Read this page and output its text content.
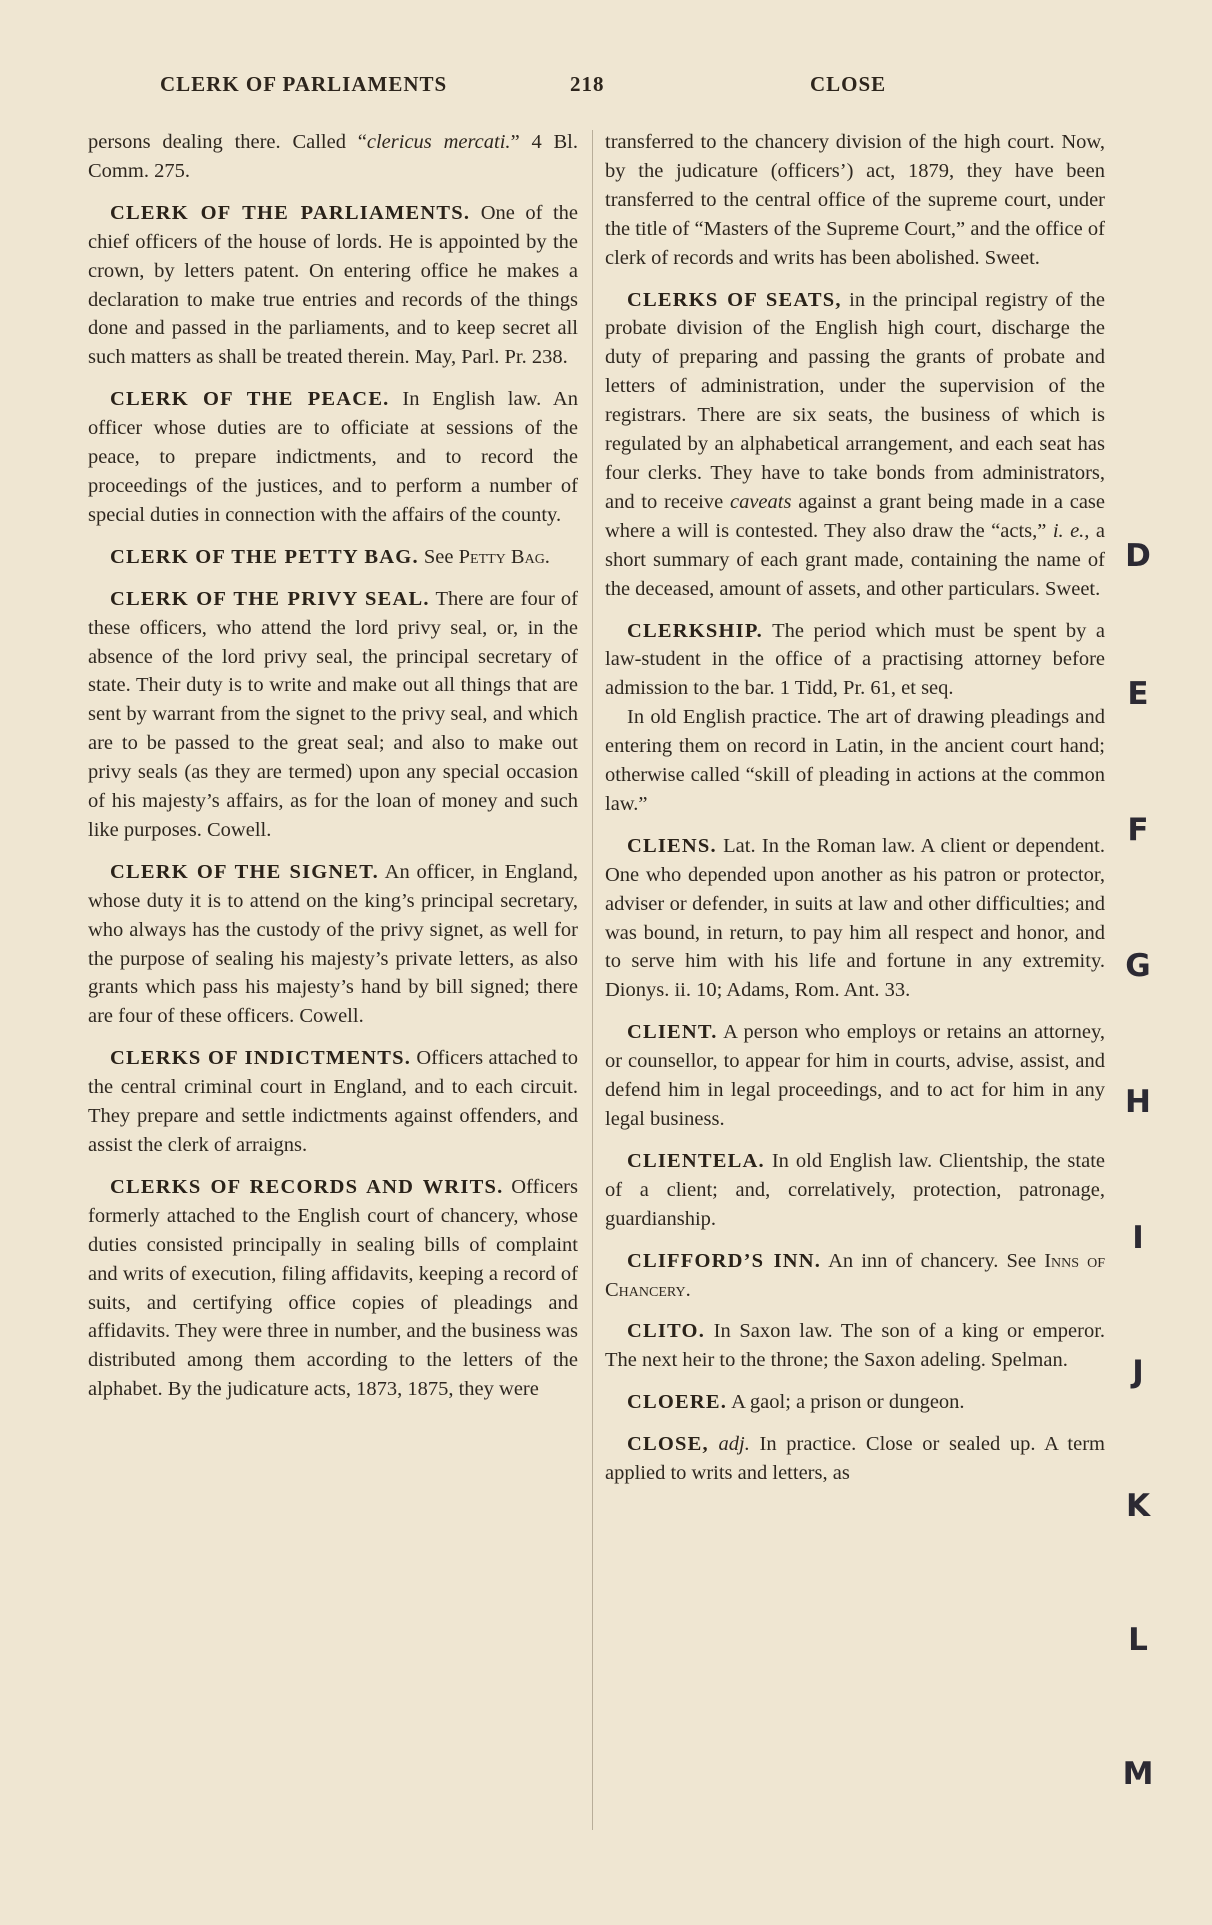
CLERK OF PARLIAMENTS	218	CLOSE

persons dealing there. Called “clericus mercati.” 4 Bl. Comm. 275.

CLERK OF THE PARLIAMENTS. One of the chief officers of the house of lords. He is appointed by the crown, by letters patent. On entering office he makes a declaration to make true entries and records of the things done and passed in the parliaments, and to keep secret all such matters as shall be treated therein. May, Parl. Pr. 238.

CLERK OF THE PEACE. In English law. An officer whose duties are to officiate at sessions of the peace, to prepare indictments, and to record the proceedings of the justices, and to perform a number of special duties in connection with the affairs of the county.

CLERK OF THE PETTY BAG. See Petty Bag.

CLERK OF THE PRIVY SEAL. There are four of these officers, who attend the lord privy seal, or, in the absence of the lord privy seal, the principal secretary of state. Their duty is to write and make out all things that are sent by warrant from the signet to the privy seal, and which are to be passed to the great seal; and also to make out privy seals (as they are termed) upon any special occasion of his majesty’s affairs, as for the loan of money and such like purposes. Cowell.

CLERK OF THE SIGNET. An officer, in England, whose duty it is to attend on the king’s principal secretary, who always has the custody of the privy signet, as well for the purpose of sealing his majesty’s private letters, as also grants which pass his majesty’s hand by bill signed; there are four of these officers. Cowell.

CLERKS OF INDICTMENTS. Officers attached to the central criminal court in England, and to each circuit. They prepare and settle indictments against offenders, and assist the clerk of arraigns.

CLERKS OF RECORDS AND WRITS. Officers formerly attached to the English court of chancery, whose duties consisted principally in sealing bills of complaint and writs of execution, filing affidavits, keeping a record of suits, and certifying office copies of pleadings and affidavits. They were three in number, and the business was distributed among them according to the letters of the alphabet. By the judicature acts, 1873, 1875, they were

transferred to the chancery division of the high court. Now, by the judicature (officers’) act, 1879, they have been transferred to the central office of the supreme court, under the title of “Masters of the Supreme Court,” and the office of clerk of records and writs has been abolished. Sweet.

CLERKS OF SEATS, in the principal registry of the probate division of the English high court, discharge the duty of preparing and passing the grants of probate and letters of administration, under the supervision of the registrars. There are six seats, the business of which is regulated by an alphabetical arrangement, and each seat has four clerks. They have to take bonds from administrators, and to receive caveats against a grant being made in a case where a will is contested. They also draw the “acts,” i. e., a short summary of each grant made, containing the name of the deceased, amount of assets, and other particulars. Sweet.

CLERKSHIP. The period which must be spent by a law-student in the office of a practising attorney before admission to the bar. 1 Tidd, Pr. 61, et seq.

In old English practice. The art of drawing pleadings and entering them on record in Latin, in the ancient court hand; otherwise called “skill of pleading in actions at the common law.”

CLIENS. Lat. In the Roman law. A client or dependent. One who depended upon another as his patron or protector, adviser or defender, in suits at law and other difficulties; and was bound, in return, to pay him all respect and honor, and to serve him with his life and fortune in any extremity. Dionys. ii. 10; Adams, Rom. Ant. 33.

CLIENT. A person who employs or retains an attorney, or counsellor, to appear for him in courts, advise, assist, and defend him in legal proceedings, and to act for him in any legal business.

CLIENTELA. In old English law. Clientship, the state of a client; and, correlatively, protection, patronage, guardianship.

CLIFFORD’S INN. An inn of chancery. See Inns of Chancery.

CLITO. In Saxon law. The son of a king or emperor. The next heir to the throne; the Saxon adeling. Spelman.

CLOERE. A gaol; a prison or dungeon.

CLOSE, adj. In practice. Close or sealed up. A term applied to writs and letters, as

D
E
F
G
H
I
J
K
L
M
